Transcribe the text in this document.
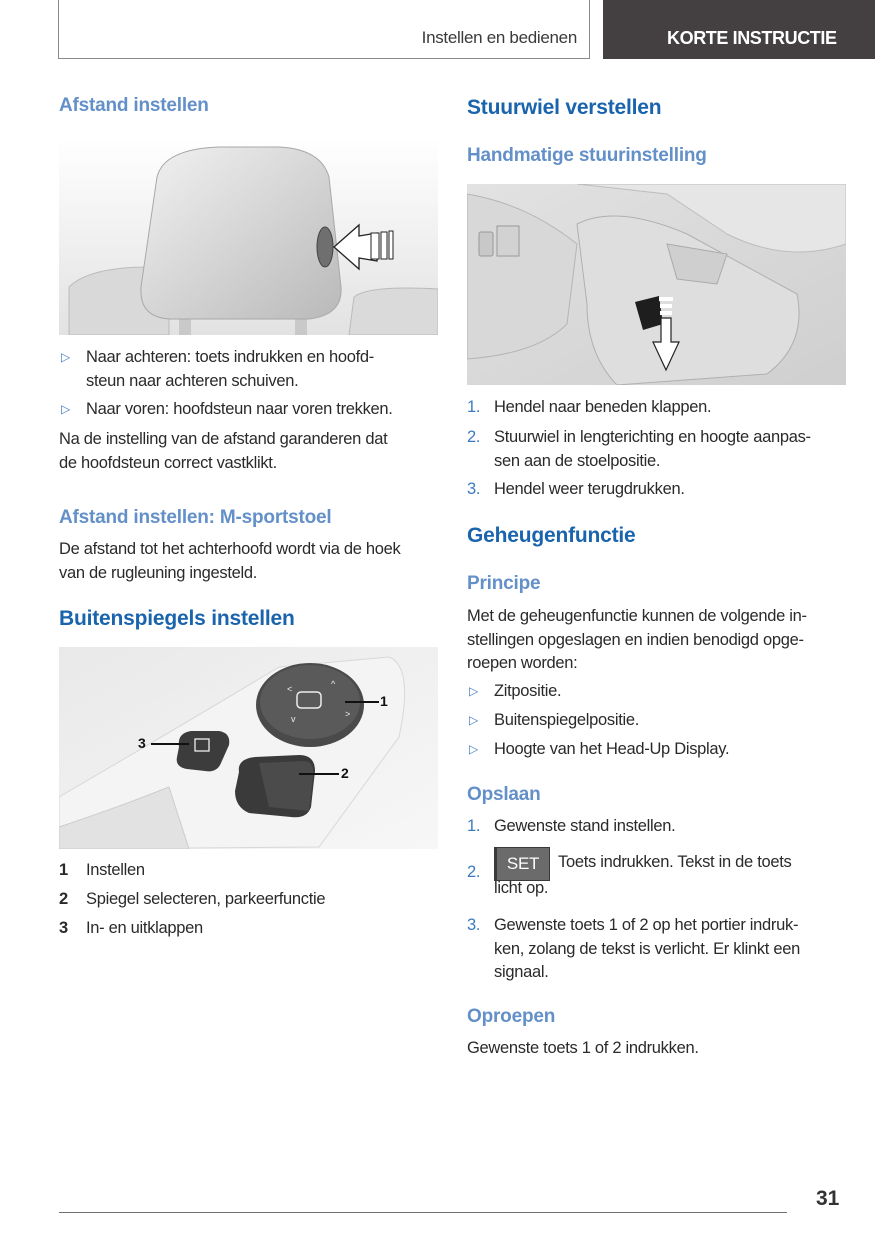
Instellen en bedienen	KORTE INSTRUCTIE
Afstand instellen
▷ Naar achteren: toets indrukken en hoofd-
steun naar achteren schuiven.
▷ Naar voren: hoofdsteun naar voren trekken.
Na de instelling van de afstand garanderen dat
de hoofdsteun correct vastklikt.
Afstand instellen: M-sportstoel
De afstand tot het achterhoofd wordt via de hoek
van de rugleuning ingesteld.
Buitenspiegels instellen
<	^
>
v
1
2
3
1 Instellen
2 Spiegel selecteren, parkeerfunctie
3 In- en uitklappen
Stuurwiel verstellen
Handmatige stuurinstelling
1. Hendel naar beneden klappen.
2. Stuurwiel in lengterichting en hoogte aanpas-
sen aan de stoelpositie.
3. Hendel weer terugdrukken.
Geheugenfunctie
Principe
Met de geheugenfunctie kunnen de volgende in-
stellingen opgeslagen en indien benodigd opge-
roepen worden:
▷ Zitpositie.
▷ Buitenspiegelpositie.
▷ Hoogte van het Head-Up Display.
Opslaan
1. Gewenste stand instellen.
2.	SET Toets indrukken. Tekst in de toets
licht op.
3. Gewenste toets 1 of 2 op het portier indruk-
ken, zolang de tekst is verlicht. Er klinkt een
signaal.
Oproepen
Gewenste toets 1 of 2 indrukken.
31
